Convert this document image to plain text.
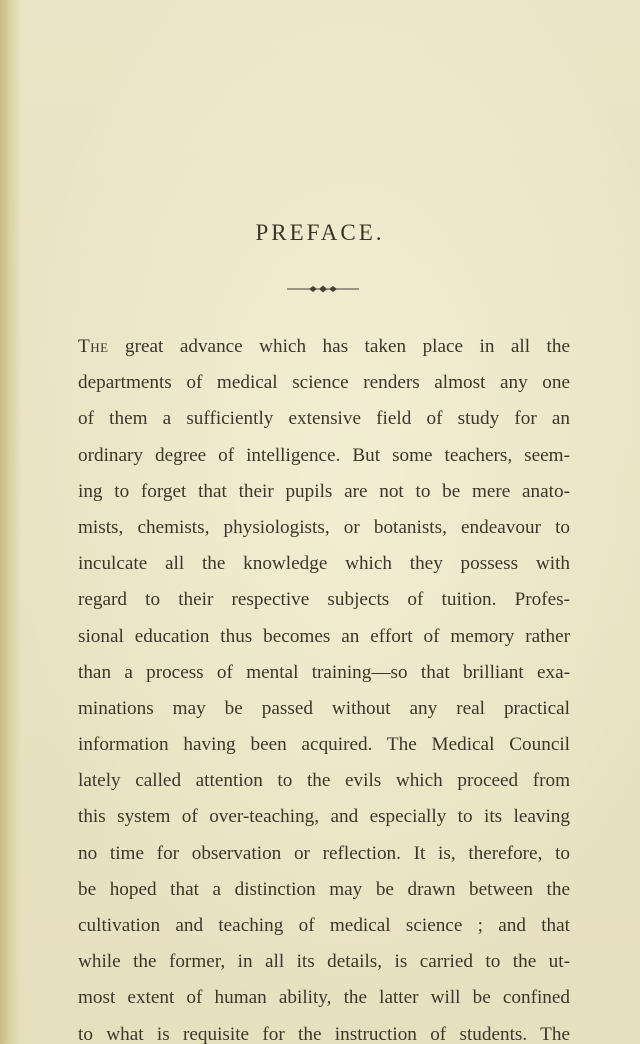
PREFACE.
The great advance which has taken place in all the
departments of medical science renders almost any one
of them a sufficiently extensive field of study for an
ordinary degree of intelligence. But some teachers, seem-
ing to forget that their pupils are not to be mere anato-
mists, chemists, physiologists, or botanists, endeavour to
inculcate all the knowledge which they possess with
regard to their respective subjects of tuition. Profes-
sional education thus becomes an effort of memory rather
than a process of mental training—so that brilliant exa-
minations may be passed without any real practical
information having been acquired. The Medical Council
lately called attention to the evils which proceed from
this system of over-teaching, and especially to its leaving
no time for observation or reflection. It is, therefore, to
be hoped that a distinction may be drawn between the
cultivation and teaching of medical science ; and that
while the former, in all its details, is carried to the ut-
most extent of human ability, the latter will be confined
to what is requisite for the instruction of students. The
